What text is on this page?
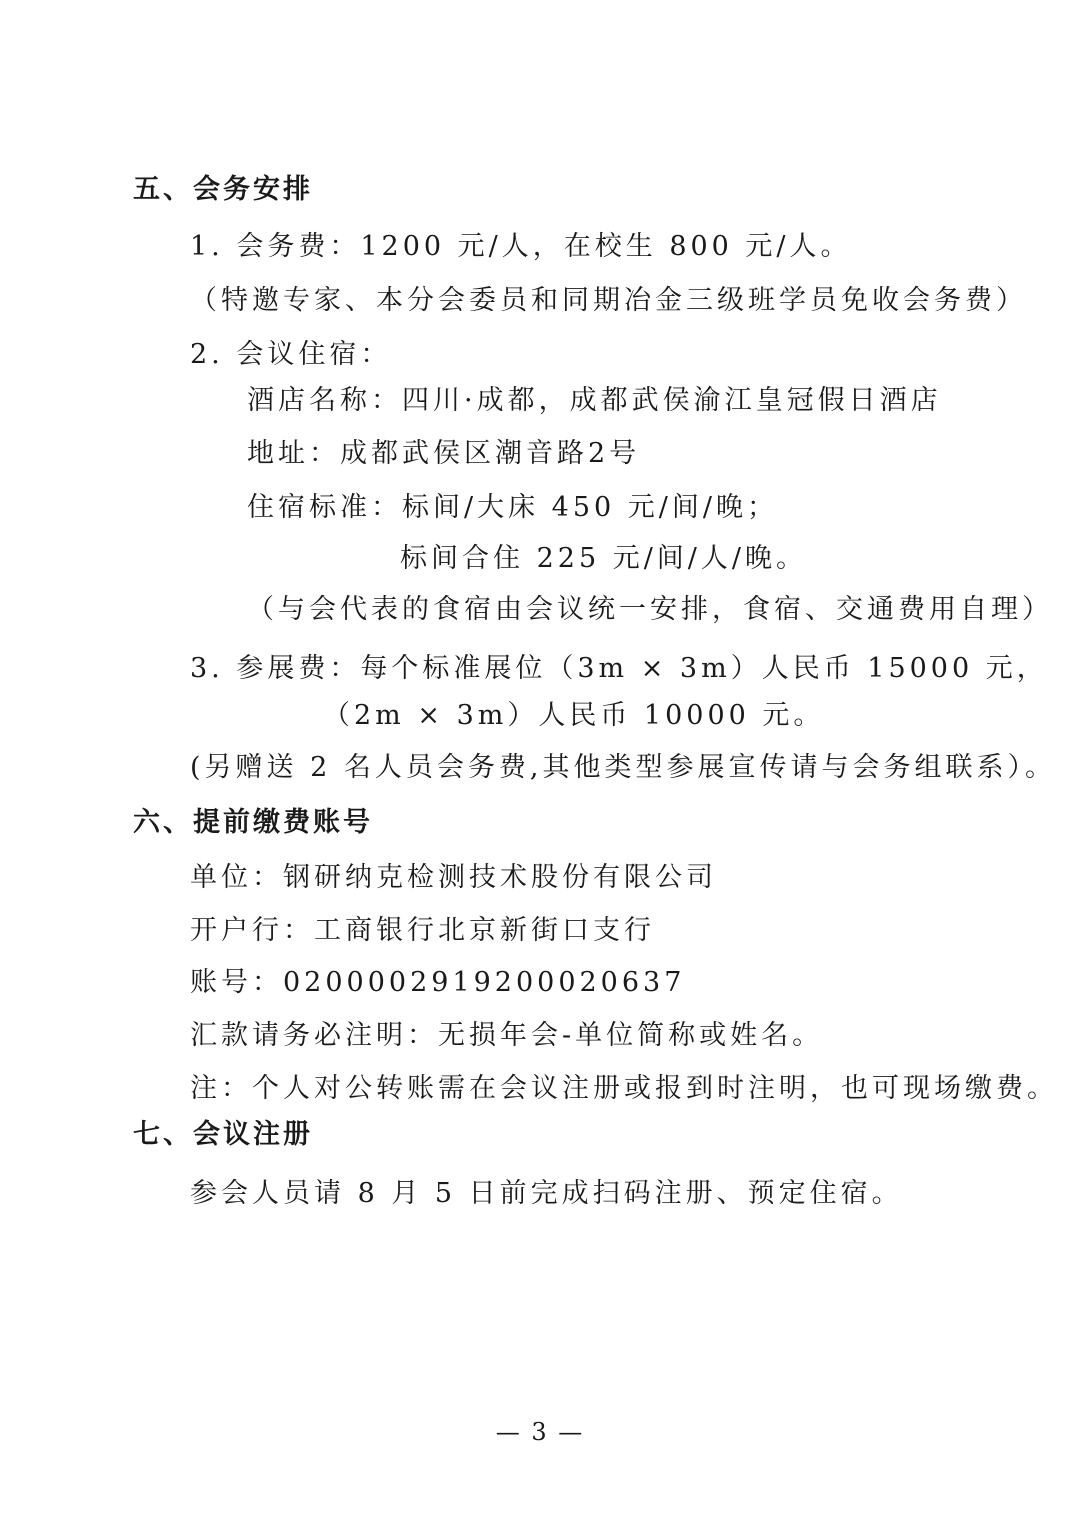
五、会务安排
1. 会务费：1200 元/人，在校生 800 元/人。
（特邀专家、本分会委员和同期冶金三级班学员免收会务费）
2. 会议住宿：
酒店名称：四川·成都，成都武侯渝江皇冠假日酒店
地址：成都武侯区潮音路2号
住宿标准：标间/大床 450 元/间/晚；
标间合住 225 元/间/人/晚。
（与会代表的食宿由会议统一安排，食宿、交通费用自理）
3. 参展费：每个标准展位（3m × 3m）人民币 15000 元，
（2m × 3m）人民币 10000 元。
(另赠送 2 名人员会务费,其他类型参展宣传请与会务组联系）。
六、提前缴费账号
单位：钢研纳克检测技术股份有限公司
开户行：工商银行北京新街口支行
账号：0200002919200020637
汇款请务必注明：无损年会-单位简称或姓名。
注：个人对公转账需在会议注册或报到时注明，也可现场缴费。
七、会议注册
参会人员请 8 月 5 日前完成扫码注册、预定住宿。
— 3 —
